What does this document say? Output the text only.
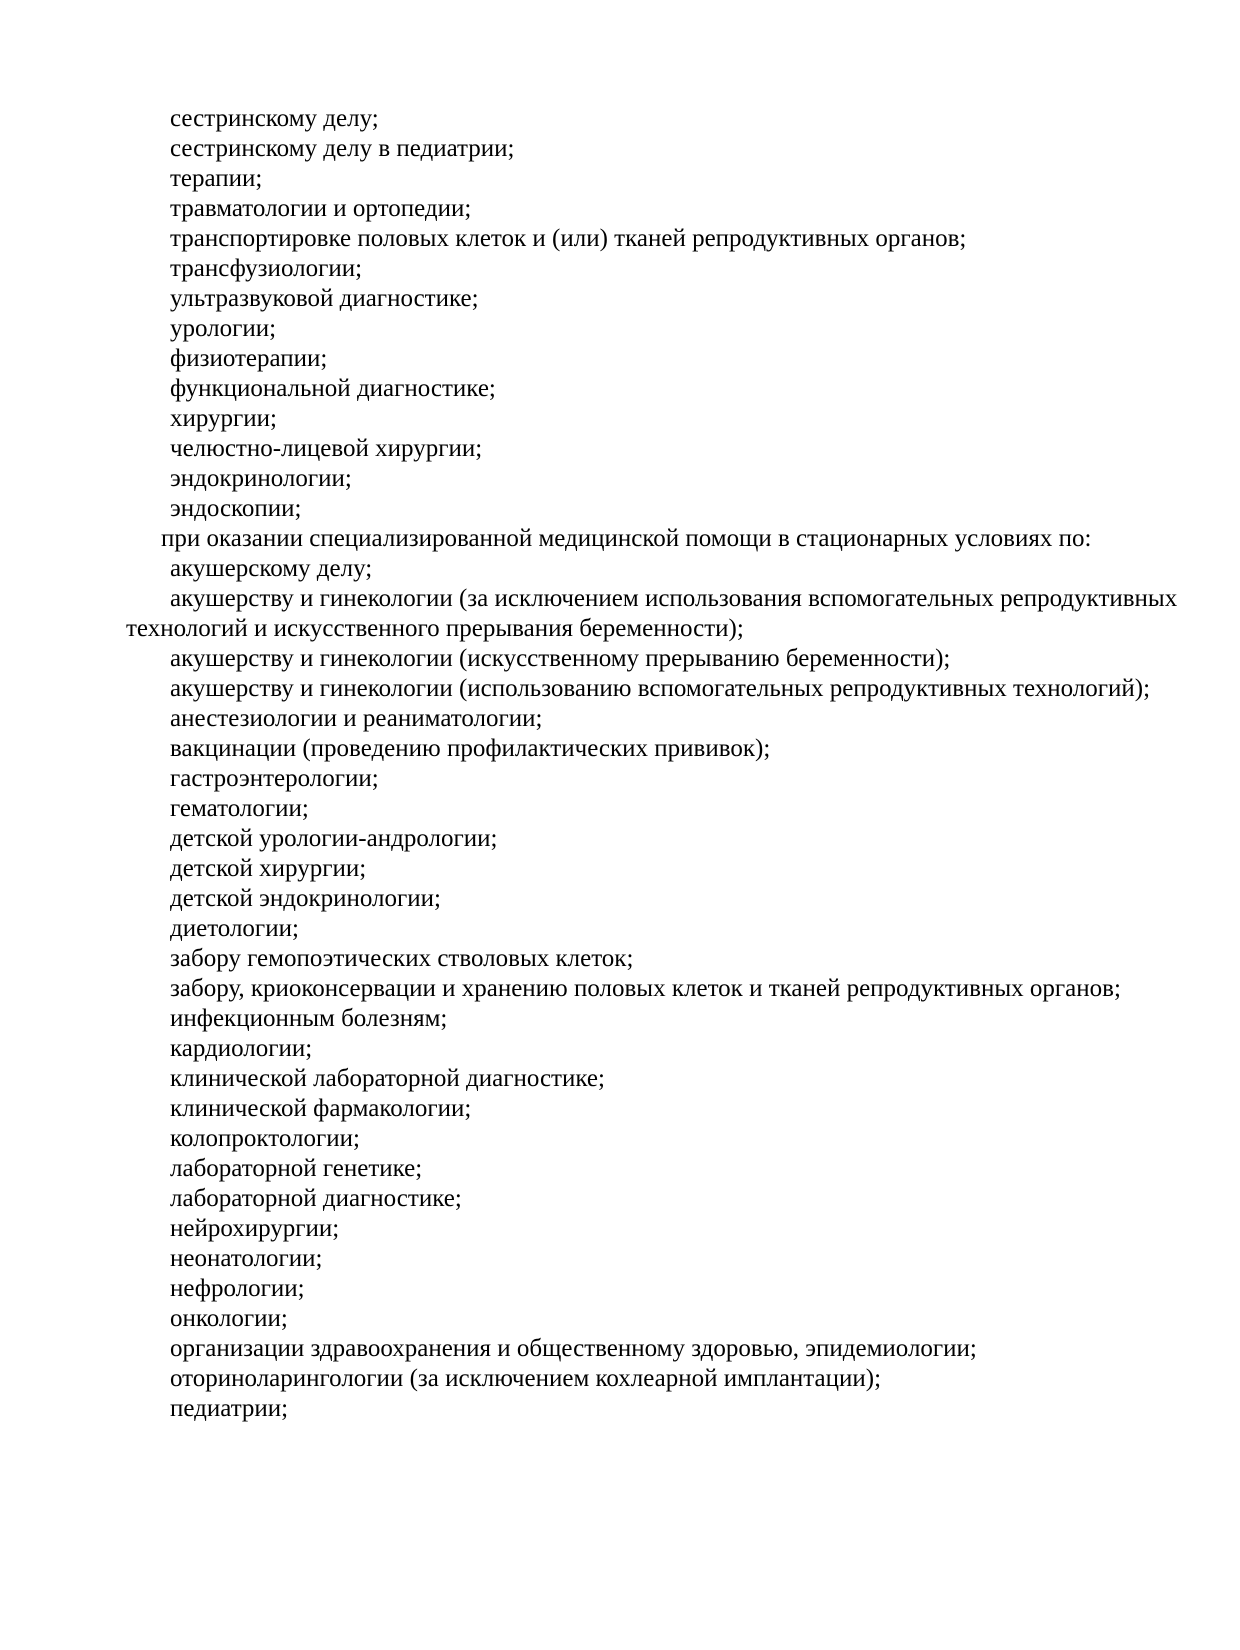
сестринскому делу;

сестринскому делу в педиатрии;

терапии;

травматологии и ортопедии;

транспортировке половых клеток и (или) тканей репродуктивных органов;

трансфузиологии;

ультразвуковой диагностике;

урологии;

физиотерапии;

функциональной диагностике;

хирургии;

челюстно-лицевой хирургии;

эндокринологии;

эндоскопии;

при оказании специализированной медицинской помощи в стационарных условиях по:

акушерскому делу;

акушерству и гинекологии (за исключением использования вспомогательных репродуктивных технологий и искусственного прерывания беременности);

акушерству и гинекологии (искусственному прерыванию беременности);

акушерству и гинекологии (использованию вспомогательных репродуктивных технологий);

анестезиологии и реаниматологии;

вакцинации (проведению профилактических прививок);

гастроэнтерологии;

гематологии;

детской урологии-андрологии;

детской хирургии;

детской эндокринологии;

диетологии;

забору гемопоэтических стволовых клеток;

забору, криоконсервации и хранению половых клеток и тканей репродуктивных органов;

инфекционным болезням;

кардиологии;

клинической лабораторной диагностике;

клинической фармакологии;

колопроктологии;

лабораторной генетике;

лабораторной диагностике;

нейрохирургии;

неонатологии;

нефрологии;

онкологии;

организации здравоохранения и общественному здоровью, эпидемиологии;

оториноларингологии (за исключением кохлеарной имплантации);

педиатрии;
